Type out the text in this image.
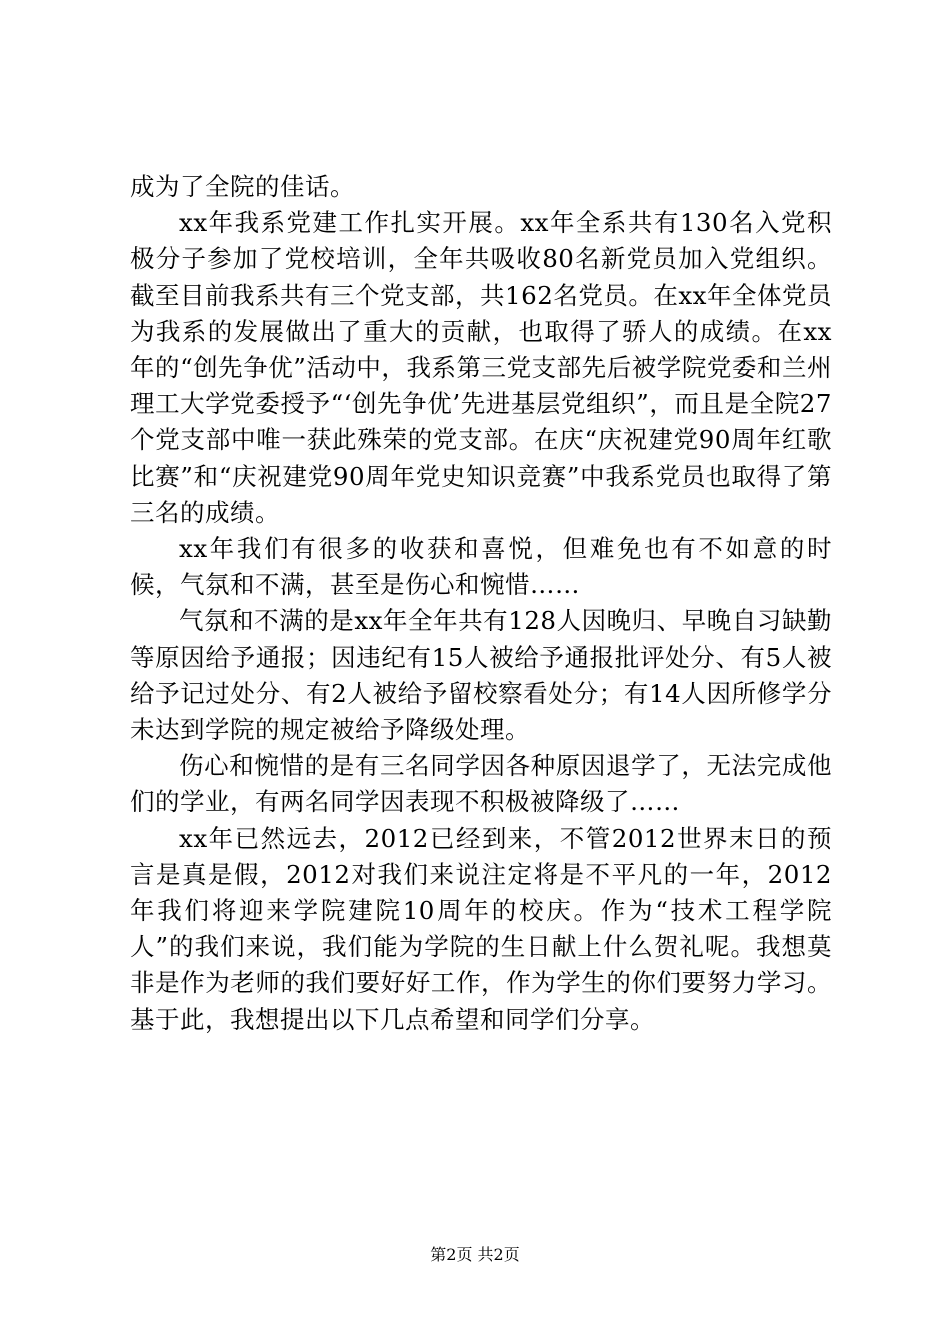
成为了全院的佳话。

xx年我系党建工作扎实开展。xx年全系共有130名入党积极分子参加了党校培训，全年共吸收80名新党员加入党组织。截至目前我系共有三个党支部，共162名党员。在xx年全体党员为我系的发展做出了重大的贡献，也取得了骄人的成绩。在xx年的“创先争优”活动中，我系第三党支部先后被学院党委和兰州理工大学党委授予“‘创先争优’先进基层党组织”，而且是全院27个党支部中唯一获此殊荣的党支部。在庆“庆祝建党90周年红歌比赛”和“庆祝建党90周年党史知识竞赛”中我系党员也取得了第三名的成绩。

xx年我们有很多的收获和喜悦，但难免也有不如意的时候，气氛和不满，甚至是伤心和惋惜……

气氛和不满的是xx年全年共有128人因晚归、早晚自习缺勤等原因给予通报；因违纪有15人被给予通报批评处分、有5人被给予记过处分、有2人被给予留校察看处分；有14人因所修学分未达到学院的规定被给予降级处理。

伤心和惋惜的是有三名同学因各种原因退学了，无法完成他们的学业，有两名同学因表现不积极被降级了……

xx年已然远去，2012已经到来，不管2012世界末日的预言是真是假，2012对我们来说注定将是不平凡的一年，2012年我们将迎来学院建院10周年的校庆。作为“技术工程学院人”的我们来说，我们能为学院的生日献上什么贺礼呢。我想莫非是作为老师的我们要好好工作，作为学生的你们要努力学习。基于此，我想提出以下几点希望和同学们分享。

第2页 共2页
